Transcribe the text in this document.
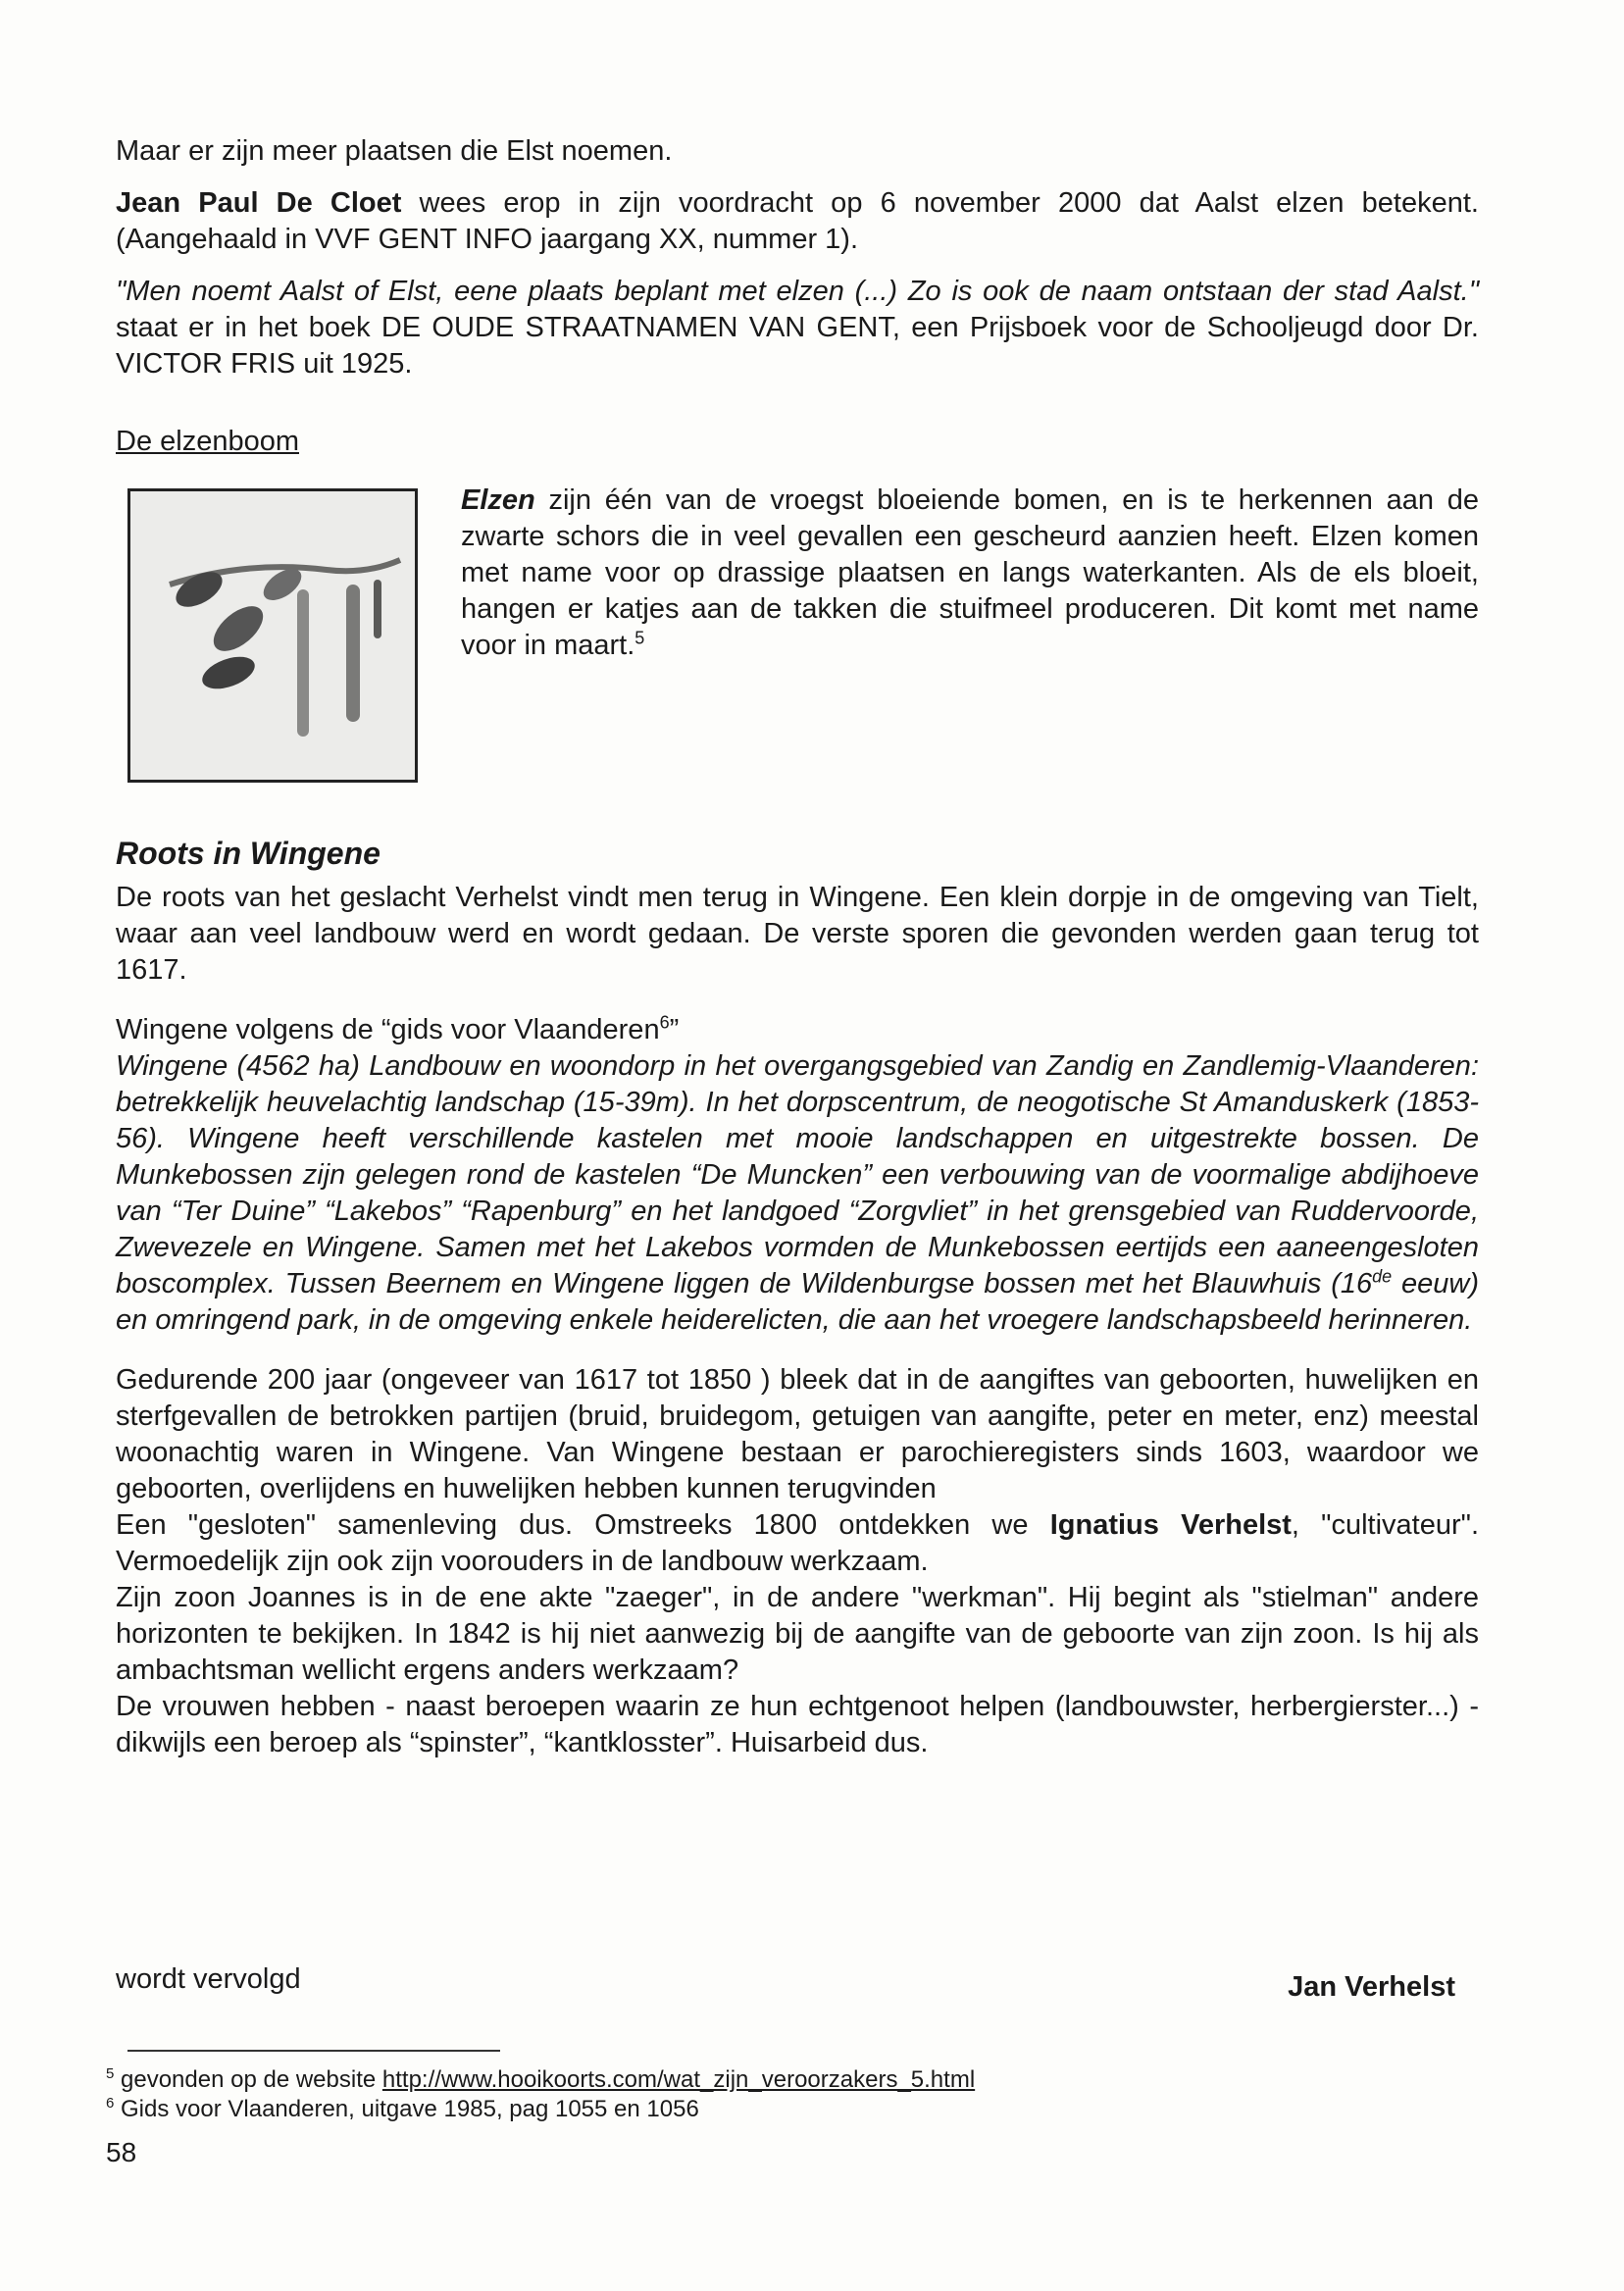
Maar er zijn meer plaatsen die Elst noemen.

Jean Paul De Cloet wees erop in zijn voordracht op 6 november 2000 dat Aalst elzen betekent. (Aangehaald in VVF GENT INFO jaargang XX, nummer 1).

"Men noemt Aalst of Elst, eene plaats beplant met elzen (...) Zo is ook de naam ontstaan der stad Aalst." staat er in het boek DE OUDE STRAATNAMEN VAN GENT, een Prijsboek voor de Schooljeugd door Dr. VICTOR FRIS uit 1925.

De elzenboom

Elzen zijn één van de vroegst bloeiende bomen, en is te herkennen aan de zwarte schors die in veel gevallen een gescheurd aanzien heeft. Elzen komen met name voor op drassige plaatsen en langs waterkanten. Als de els bloeit, hangen er katjes aan de takken die stuifmeel produceren. Dit komt met name voor in maart.$^5$

Roots in Wingene

De roots van het geslacht Verhelst vindt men terug in Wingene. Een klein dorpje in de omgeving van Tielt, waar aan veel landbouw werd en wordt gedaan. De verste sporen die gevonden werden gaan terug tot 1617.

Wingene volgens de “gids voor Vlaanderen$^6$”

Wingene (4562 ha) Landbouw en woondorp in het overgangsgebied van Zandig en Zandlemig-Vlaanderen: betrekkelijk heuvelachtig landschap (15-39m). In het dorpscentrum, de neogotische St Amanduskerk (1853-56). Wingene heeft verschillende kastelen met mooie landschappen en uitgestrekte bossen. De Munkebossen zijn gelegen rond de kastelen “De Muncken” een verbouwing van de voormalige abdijhoeve van “Ter Duine” “Lakebos” “Rapenburg” en het landgoed “Zorgvliet” in het grensgebied van Ruddervoorde, Zwevezele en Wingene. Samen met het Lakebos vormden de Munkebossen eertijds een aaneengesloten boscomplex. Tussen Beernem en Wingene liggen de Wildenburgse bossen met het Blauwhuis (16de eeuw) en omringend park, in de omgeving enkele heiderelicten, die aan het vroegere landschapsbeeld herinneren.

Gedurende 200 jaar (ongeveer van 1617 tot 1850 ) bleek dat in de aangiftes van geboorten, huwelijken en sterfgevallen de betrokken partijen (bruid, bruidegom, getuigen van aangifte, peter en meter, enz) meestal woonachtig waren in Wingene. Van Wingene bestaan er parochieregisters sinds 1603, waardoor we geboorten, overlijdens en huwelijken hebben kunnen terugvinden

Een "gesloten" samenleving dus. Omstreeks 1800 ontdekken we Ignatius Verhelst, "cultivateur". Vermoedelijk zijn ook zijn voorouders in de landbouw werkzaam.

Zijn zoon Joannes is in de ene akte "zaeger", in de andere "werkman". Hij begint als "stielman" andere horizonten te bekijken. In 1842 is hij niet aanwezig bij de aangifte van de geboorte van zijn zoon. Is hij als ambachtsman wellicht ergens anders werkzaam?

De vrouwen hebben - naast beroepen waarin ze hun echtgenoot helpen (landbouwster, herbergierster...) - dikwijls een beroep als “spinster”, “kantklosster”. Huisarbeid dus.

wordt vervolgd	Jan Verhelst
$^5$ gevonden op de website http://www.hooikoorts.com/wat_zijn_veroorzakers_5.html
$^6$ Gids voor Vlaanderen, uitgave 1985, pag 1055 en 1056
58
